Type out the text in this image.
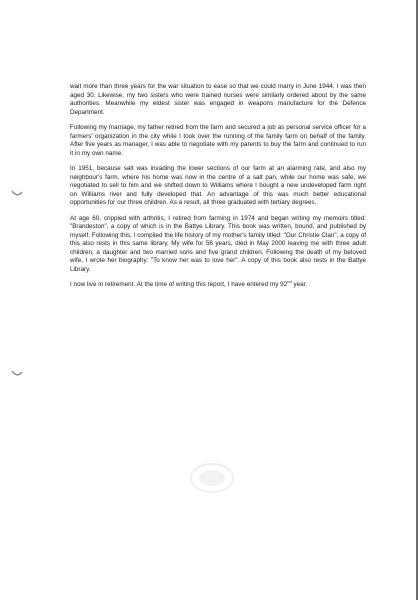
wait more than three years for the war situation to ease so that we could marry in June 1944, I was then aged 30. Likewise, my two sisters who were trained nurses were similarly ordered about by the same authorities. Meanwhile my eldest sister was engaged in weapons manufacture for the Defence Department.

Following my marriage, my father retired from the farm and secured a job as personal service officer for a farmers' organization in the city while I took over the running of the family farm on behalf of the family. After five years as manager, I was able to negotiate with my parents to buy the farm and continued to run it in my own name.

In 1951, because salt was invading the lower sections of our farm at an alarming rate, and also my neighbour's farm, where his home was now in the centre of a salt pan, while our home was safe, we negotiated to sell to him and we shifted down to Williams where I bought a new undeveloped farm right on Williams river and fully developed that. An advantage of this was much better educational opportunities for our three children. As a result, all three graduated with tertiary degrees.

At age 60, crippled with arthritis, I retired from farming in 1974 and began writing my memoirs titled: "Brandeston", a copy of which is in the Battye Library. This book was written, bound, and published by myself. Following this, I compiled the life history of my mother's family titled: "Our Christie Clan", a copy of this also rests in this same library. My wife for 56 years, died in May 2000 leaving me with three adult children, a daughter and two married sons and five grand children. Following the death of my beloved wife, I wrote her biography: "To know her was to love her". A copy of this book also rests in the Battye Library.

I now live in retirement. At the time of writing this report, I have entered my 92nd year.
